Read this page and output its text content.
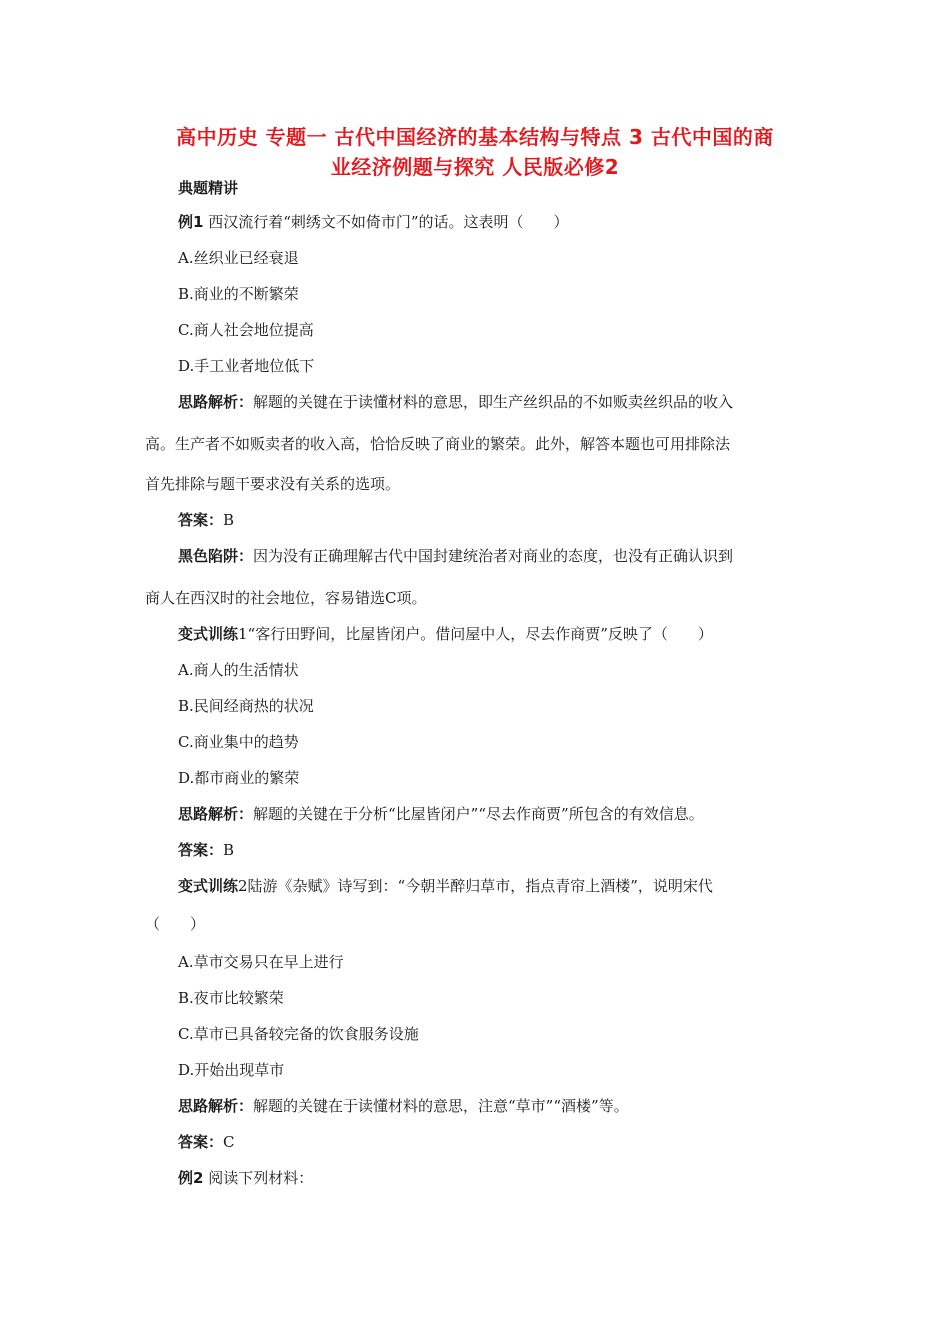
高中历史 专题一 古代中国经济的基本结构与特点 3 古代中国的商
业经济例题与探究 人民版必修2
典题精讲
例1 西汉流行着“刺绣文不如倚市门”的话。这表明（　　）
A.丝织业已经衰退
B.商业的不断繁荣
C.商人社会地位提高
D.手工业者地位低下
思路解析：解题的关键在于读懂材料的意思，即生产丝织品的不如贩卖丝织品的收入
高。生产者不如贩卖者的收入高，恰恰反映了商业的繁荣。此外，解答本题也可用排除法
首先排除与题干要求没有关系的选项。
答案：B
黑色陷阱：因为没有正确理解古代中国封建统治者对商业的态度，也没有正确认识到
商人在西汉时的社会地位，容易错选C项。
变式训练1“客行田野间，比屋皆闭户。借问屋中人，尽去作商贾”反映了（　　）
A.商人的生活情状
B.民间经商热的状况
C.商业集中的趋势
D.都市商业的繁荣
思路解析：解题的关键在于分析“比屋皆闭户”“尽去作商贾”所包含的有效信息。
答案：B
变式训练2陆游《杂赋》诗写到：“今朝半醉归草市，指点青帘上酒楼”，说明宋代
（　　）
A.草市交易只在早上进行
B.夜市比较繁荣
C.草市已具备较完备的饮食服务设施
D.开始出现草市
思路解析：解题的关键在于读懂材料的意思，注意“草市”“酒楼”等。
答案：C
例2 阅读下列材料：
